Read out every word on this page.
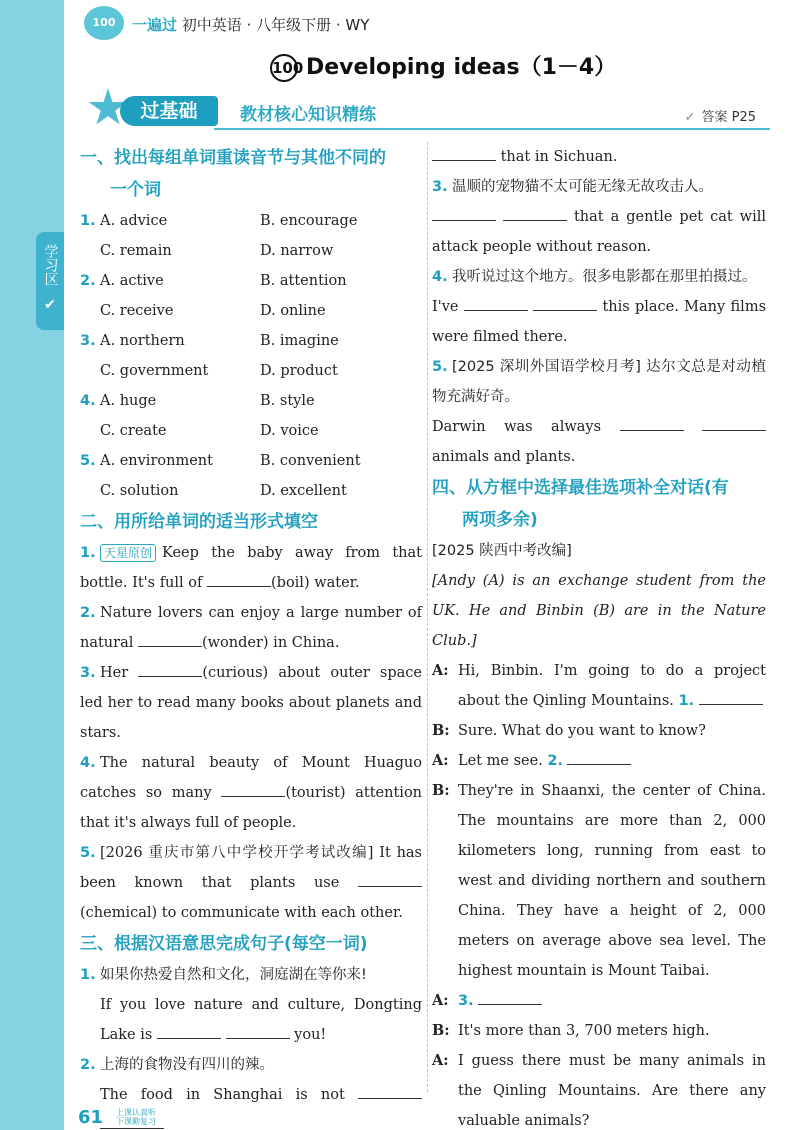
学习区
✔
100	一遍过 初中英语 · 八年级下册 · WY
100 Developing ideas（1－4）
过基础	教材核心知识精练
✓	答案 P25
一、找出每组单词重读音节与其他不同的
一个词
1. A. advice	B. encourage
C. remain	D. narrow
2. A. active	B. attention
C. receive	D. online
3. A. northern	B. imagine
C. government	D. product
4. A. huge	B. style
C. create	D. voice
5. A. environment	B. convenient
C. solution	D. excellent
二、用所给单词的适当形式填空
1. 天星原创 Keep the baby away from that bottle. It's full of	(boil) water.
2. Nature lovers can enjoy a large number of natural	(wonder) in China.
3. Her	(curious) about outer space led her to read many books about planets and stars.
4. The natural beauty of Mount Huaguo catches so many	(tourist) attention that it's always full of people.
5. [2026 重庆市第八中学校开学考试改编] It has been known that plants use (chemical) to communicate with each other.
三、根据汉语意思完成句子(每空一词)
1. 如果你热爱自然和文化，洞庭湖在等你来!
If you love nature and culture, Dongting Lake is	you!
2. 上海的食物没有四川的辣。
The food in Shanghai is not
that in Sichuan.
3. 温顺的宠物猫不太可能无缘无故攻击人。
that a gentle pet cat will attack people without reason.
4. 我听说过这个地方。很多电影都在那里拍摄过。
I've	this place. Many films were filmed there.
5. [2025 深圳外国语学校月考] 达尔文总是对动植物充满好奇。
Darwin was always   animals and plants.
四、从方框中选择最佳选项补全对话(有
两项多余)
[2025 陕西中考改编]
[Andy (A) is an exchange student from the UK. He and Binbin (B) are in the Nature Club.]
A: Hi, Binbin. I'm going to do a project about the Qinling Mountains. 1.
B: Sure. What do you want to know?
A: Let me see. 2.
B: They're in Shaanxi, the center of China. The mountains are more than 2, 000 kilometers long, running from east to west and dividing northern and southern China. They have a height of 2, 000 meters on average above sea level. The highest mountain is Mount Taibai.
A: 3.
B: It's more than 3, 700 meters high.
A: I guess there must be many animals in the Qinling Mountains. Are there any valuable animals?
61 上课认真听
下课勤复习
